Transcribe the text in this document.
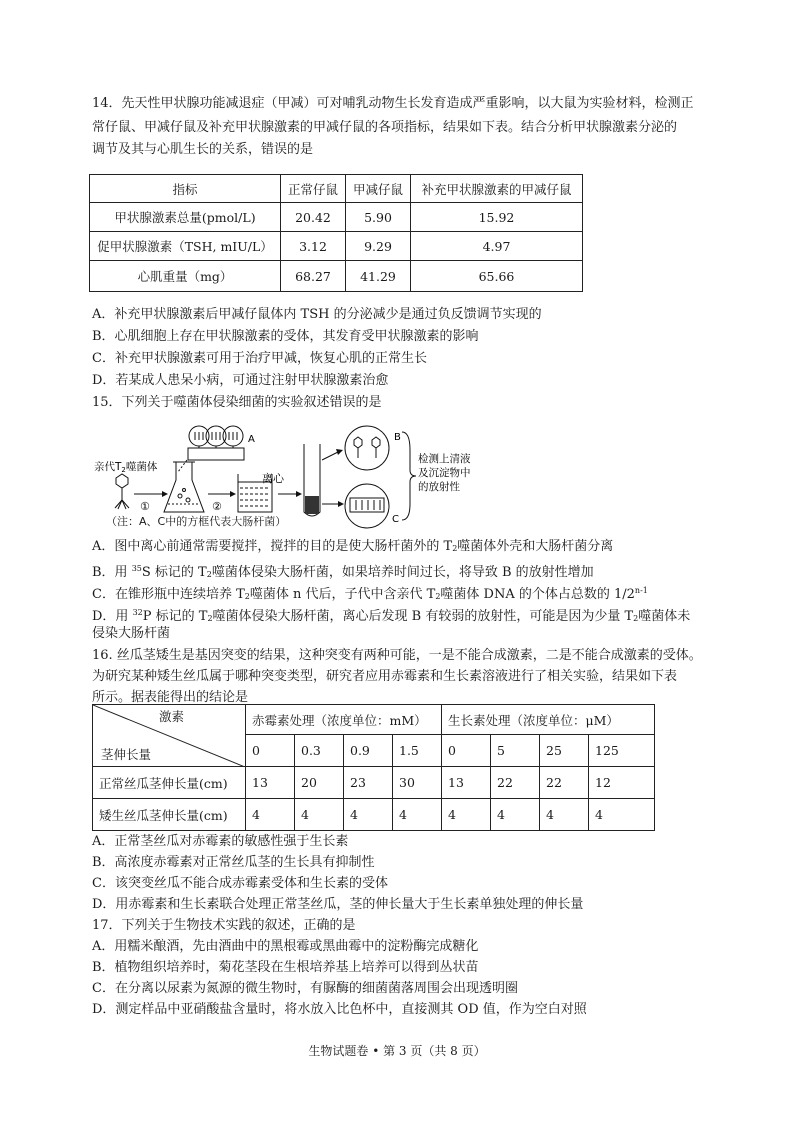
14．先天性甲状腺功能减退症（甲减）可对哺乳动物生长发育造成严重影响，以大鼠为实验材料，检测正
常仔鼠、甲减仔鼠及补充甲状腺激素的甲减仔鼠的各项指标，结果如下表。结合分析甲状腺激素分泌的
调节及其与心肌生长的关系，错误的是
指标	正常仔鼠	甲减仔鼠	补充甲状腺激素的甲减仔鼠
甲状腺激素总量(pmol/L)	20.42	5.90	15.92
促甲状腺激素（TSH, mIU/L）	3.12	9.29	4.97
心肌重量（mg）	68.27	41.29	65.66
A．补充甲状腺激素后甲减仔鼠体内 TSH 的分泌减少是通过负反馈调节实现的
B．心肌细胞上存在甲状腺激素的受体，其发育受甲状腺激素的影响
C．补充甲状腺激素可用于治疗甲减，恢复心肌的正常生长
D．若某成人患呆小病，可通过注射甲状腺激素治愈
15．下列关于噬菌体侵染细菌的实验叙述错误的是
亲代T2噬菌体
①
A
②
离心
B
C
检测上清液
及沉淀物中
的放射性
（注：A、C中的方框代表大肠杆菌）
A．图中离心前通常需要搅拌，搅拌的目的是使大肠杆菌外的 T2噬菌体外壳和大肠杆菌分离
B．用 $^{35}$S 标记的 T2噬菌体侵染大肠杆菌，如果培养时间过长，将导致 B 的放射性增加
C．在锥形瓶中连续培养 T2噬菌体 n 代后，子代中含亲代 T2噬菌体 DNA 的个体占总数的 1/2$^{n-1}$
D．用 $^{32}$P 标记的 T2噬菌体侵染大肠杆菌，离心后发现 B 有较弱的放射性，可能是因为少量 T2噬菌体未
侵染大肠杆菌
16. 丝瓜茎矮生是基因突变的结果，这种突变有两种可能，一是不能合成激素，二是不能合成激素的受体。
为研究某种矮生丝瓜属于哪种突变类型，研究者应用赤霉素和生长素溶液进行了相关实验，结果如下表
所示。据表能得出的结论是
激素
茎伸长量	赤霉素处理（浓度单位：mM）				生长素处理（浓度单位：μM）			
	0	0.3	0.9	1.5	0	5	25	125
正常丝瓜茎伸长量(cm)	13	20	23	30	13	22	22	12
矮生丝瓜茎伸长量(cm)	4	4	4	4	4	4	4	4
A．正常茎丝瓜对赤霉素的敏感性强于生长素
B．高浓度赤霉素对正常丝瓜茎的生长具有抑制性
C．该突变丝瓜不能合成赤霉素受体和生长素的受体
D．用赤霉素和生长素联合处理正常茎丝瓜，茎的伸长量大于生长素单独处理的伸长量
17．下列关于生物技术实践的叙述，正确的是
A．用糯米酿酒，先由酒曲中的黑根霉或黑曲霉中的淀粉酶完成糖化
B．植物组织培养时，菊花茎段在生根培养基上培养可以得到丛状苗
C．在分离以尿素为氮源的微生物时，有脲酶的细菌菌落周围会出现透明圈
D．测定样品中亚硝酸盐含量时，将水放入比色杯中，直接测其 OD 值，作为空白对照
生物试题卷 • 第 3 页（共 8 页）
